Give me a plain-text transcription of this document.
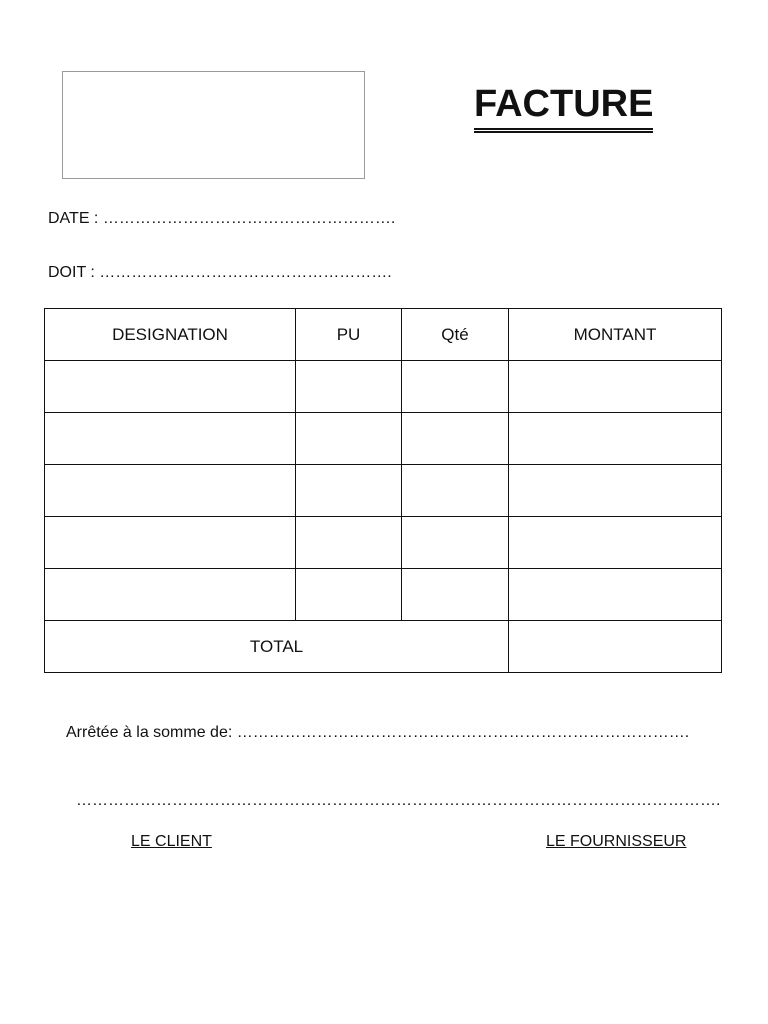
FACTURE
DATE : ……………………………………………….
DOIT : ……………………………………………….
DESIGNATION	PU	Qté	MONTANT

TOTAL			
Arrêtée à la somme de: ………………………………………………………………………….
………………………………………………………………………………………………………….
LE CLIENT	LE FOURNISSEUR
